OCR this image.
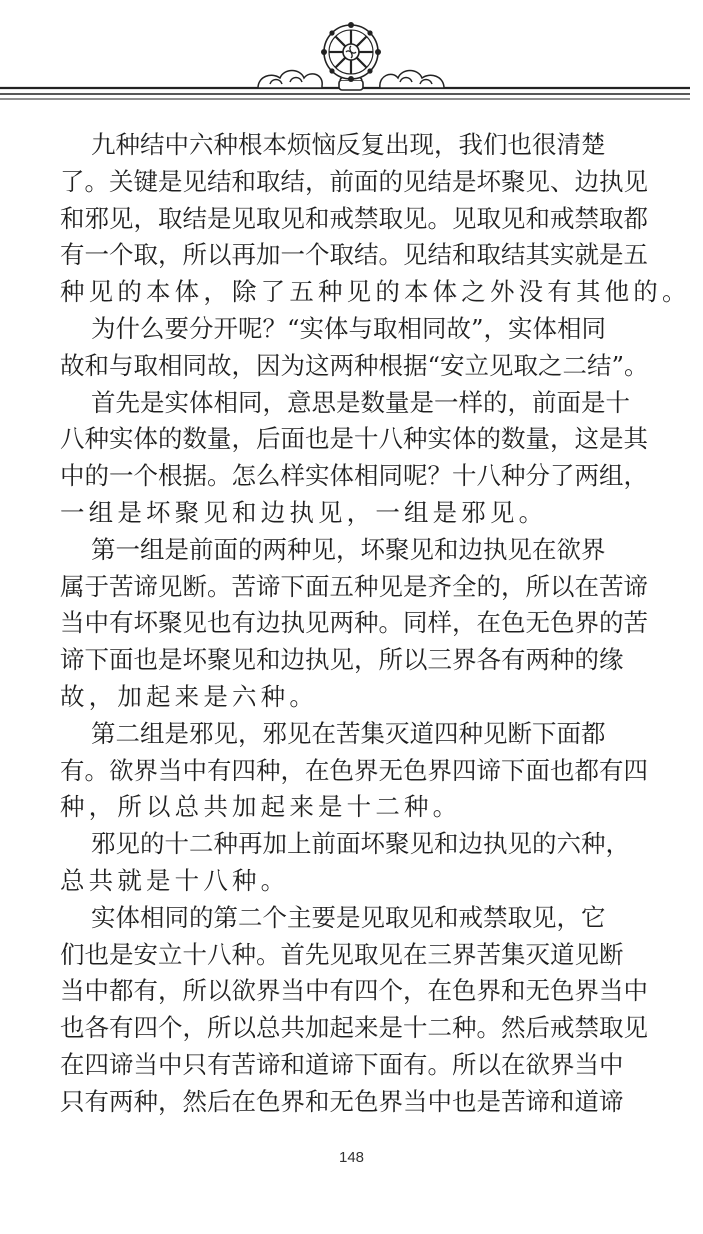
九种结中六种根本烦恼反复出现，我们也很清楚
了。关键是见结和取结，前面的见结是坏聚见、边执见
和邪见，取结是见取见和戒禁取见。见取见和戒禁取都
有一个取，所以再加一个取结。见结和取结其实就是五
种见的本体，除了五种见的本体之外没有其他的。
为什么要分开呢？“实体与取相同故”，实体相同
故和与取相同故，因为这两种根据“安立见取之二结”。
首先是实体相同，意思是数量是一样的，前面是十
八种实体的数量，后面也是十八种实体的数量，这是其
中的一个根据。怎么样实体相同呢？十八种分了两组，
一组是坏聚见和边执见，一组是邪见。
第一组是前面的两种见，坏聚见和边执见在欲界
属于苦谛见断。苦谛下面五种见是齐全的，所以在苦谛
当中有坏聚见也有边执见两种。同样，在色无色界的苦
谛下面也是坏聚见和边执见，所以三界各有两种的缘
故，加起来是六种。
第二组是邪见，邪见在苦集灭道四种见断下面都
有。欲界当中有四种，在色界无色界四谛下面也都有四
种，所以总共加起来是十二种。
邪见的十二种再加上前面坏聚见和边执见的六种，
总共就是十八种。
实体相同的第二个主要是见取见和戒禁取见，它
们也是安立十八种。首先见取见在三界苦集灭道见断
当中都有，所以欲界当中有四个，在色界和无色界当中
也各有四个，所以总共加起来是十二种。然后戒禁取见
在四谛当中只有苦谛和道谛下面有。所以在欲界当中
只有两种，然后在色界和无色界当中也是苦谛和道谛
148
